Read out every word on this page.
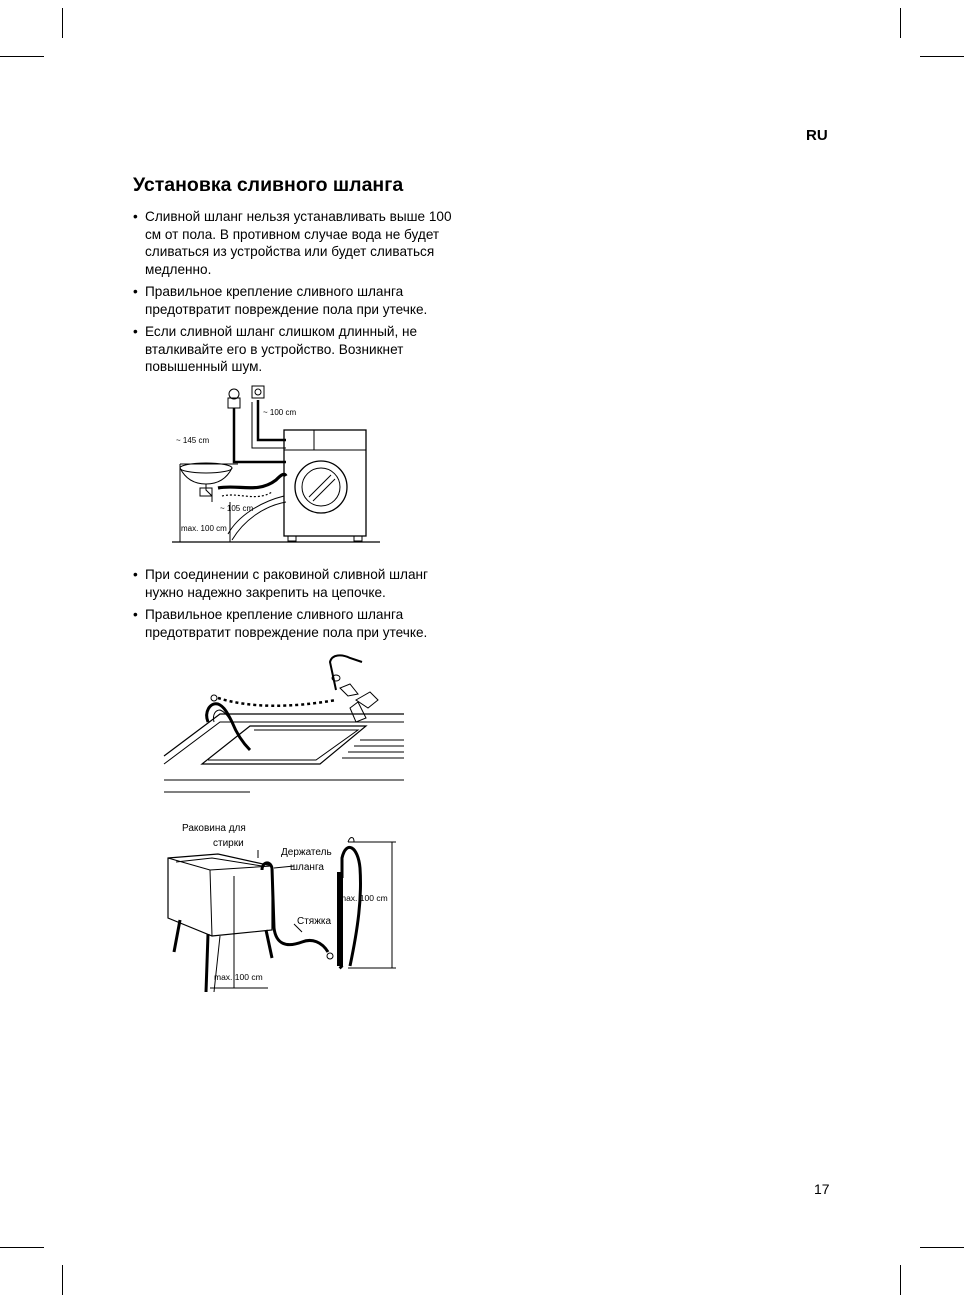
RU
Установка сливного шланга
• Сливной шланг нельзя устанавливать выше 100 см от пола. В противном случае вода не будет сливаться из устройства или будет сливаться медленно.
• Правильное крепление сливного шланга предотвратит повреждение пола при утечке.
• Если сливной шланг слишком длинный, не вталкивайте его в устройство. Возникнет повышенный шум.
~ 100 cm
~ 145 cm
~ 105 cm
max. 100 cm
• При соединении с раковиной сливной шланг нужно надежно закрепить на цепочке.
• Правильное крепление сливного шланга предотвратит повреждение пола при утечке.
Раковина для
стирки
Держатель
шланга
Стяжка
max. 100 cm
max. 100 cm
17
